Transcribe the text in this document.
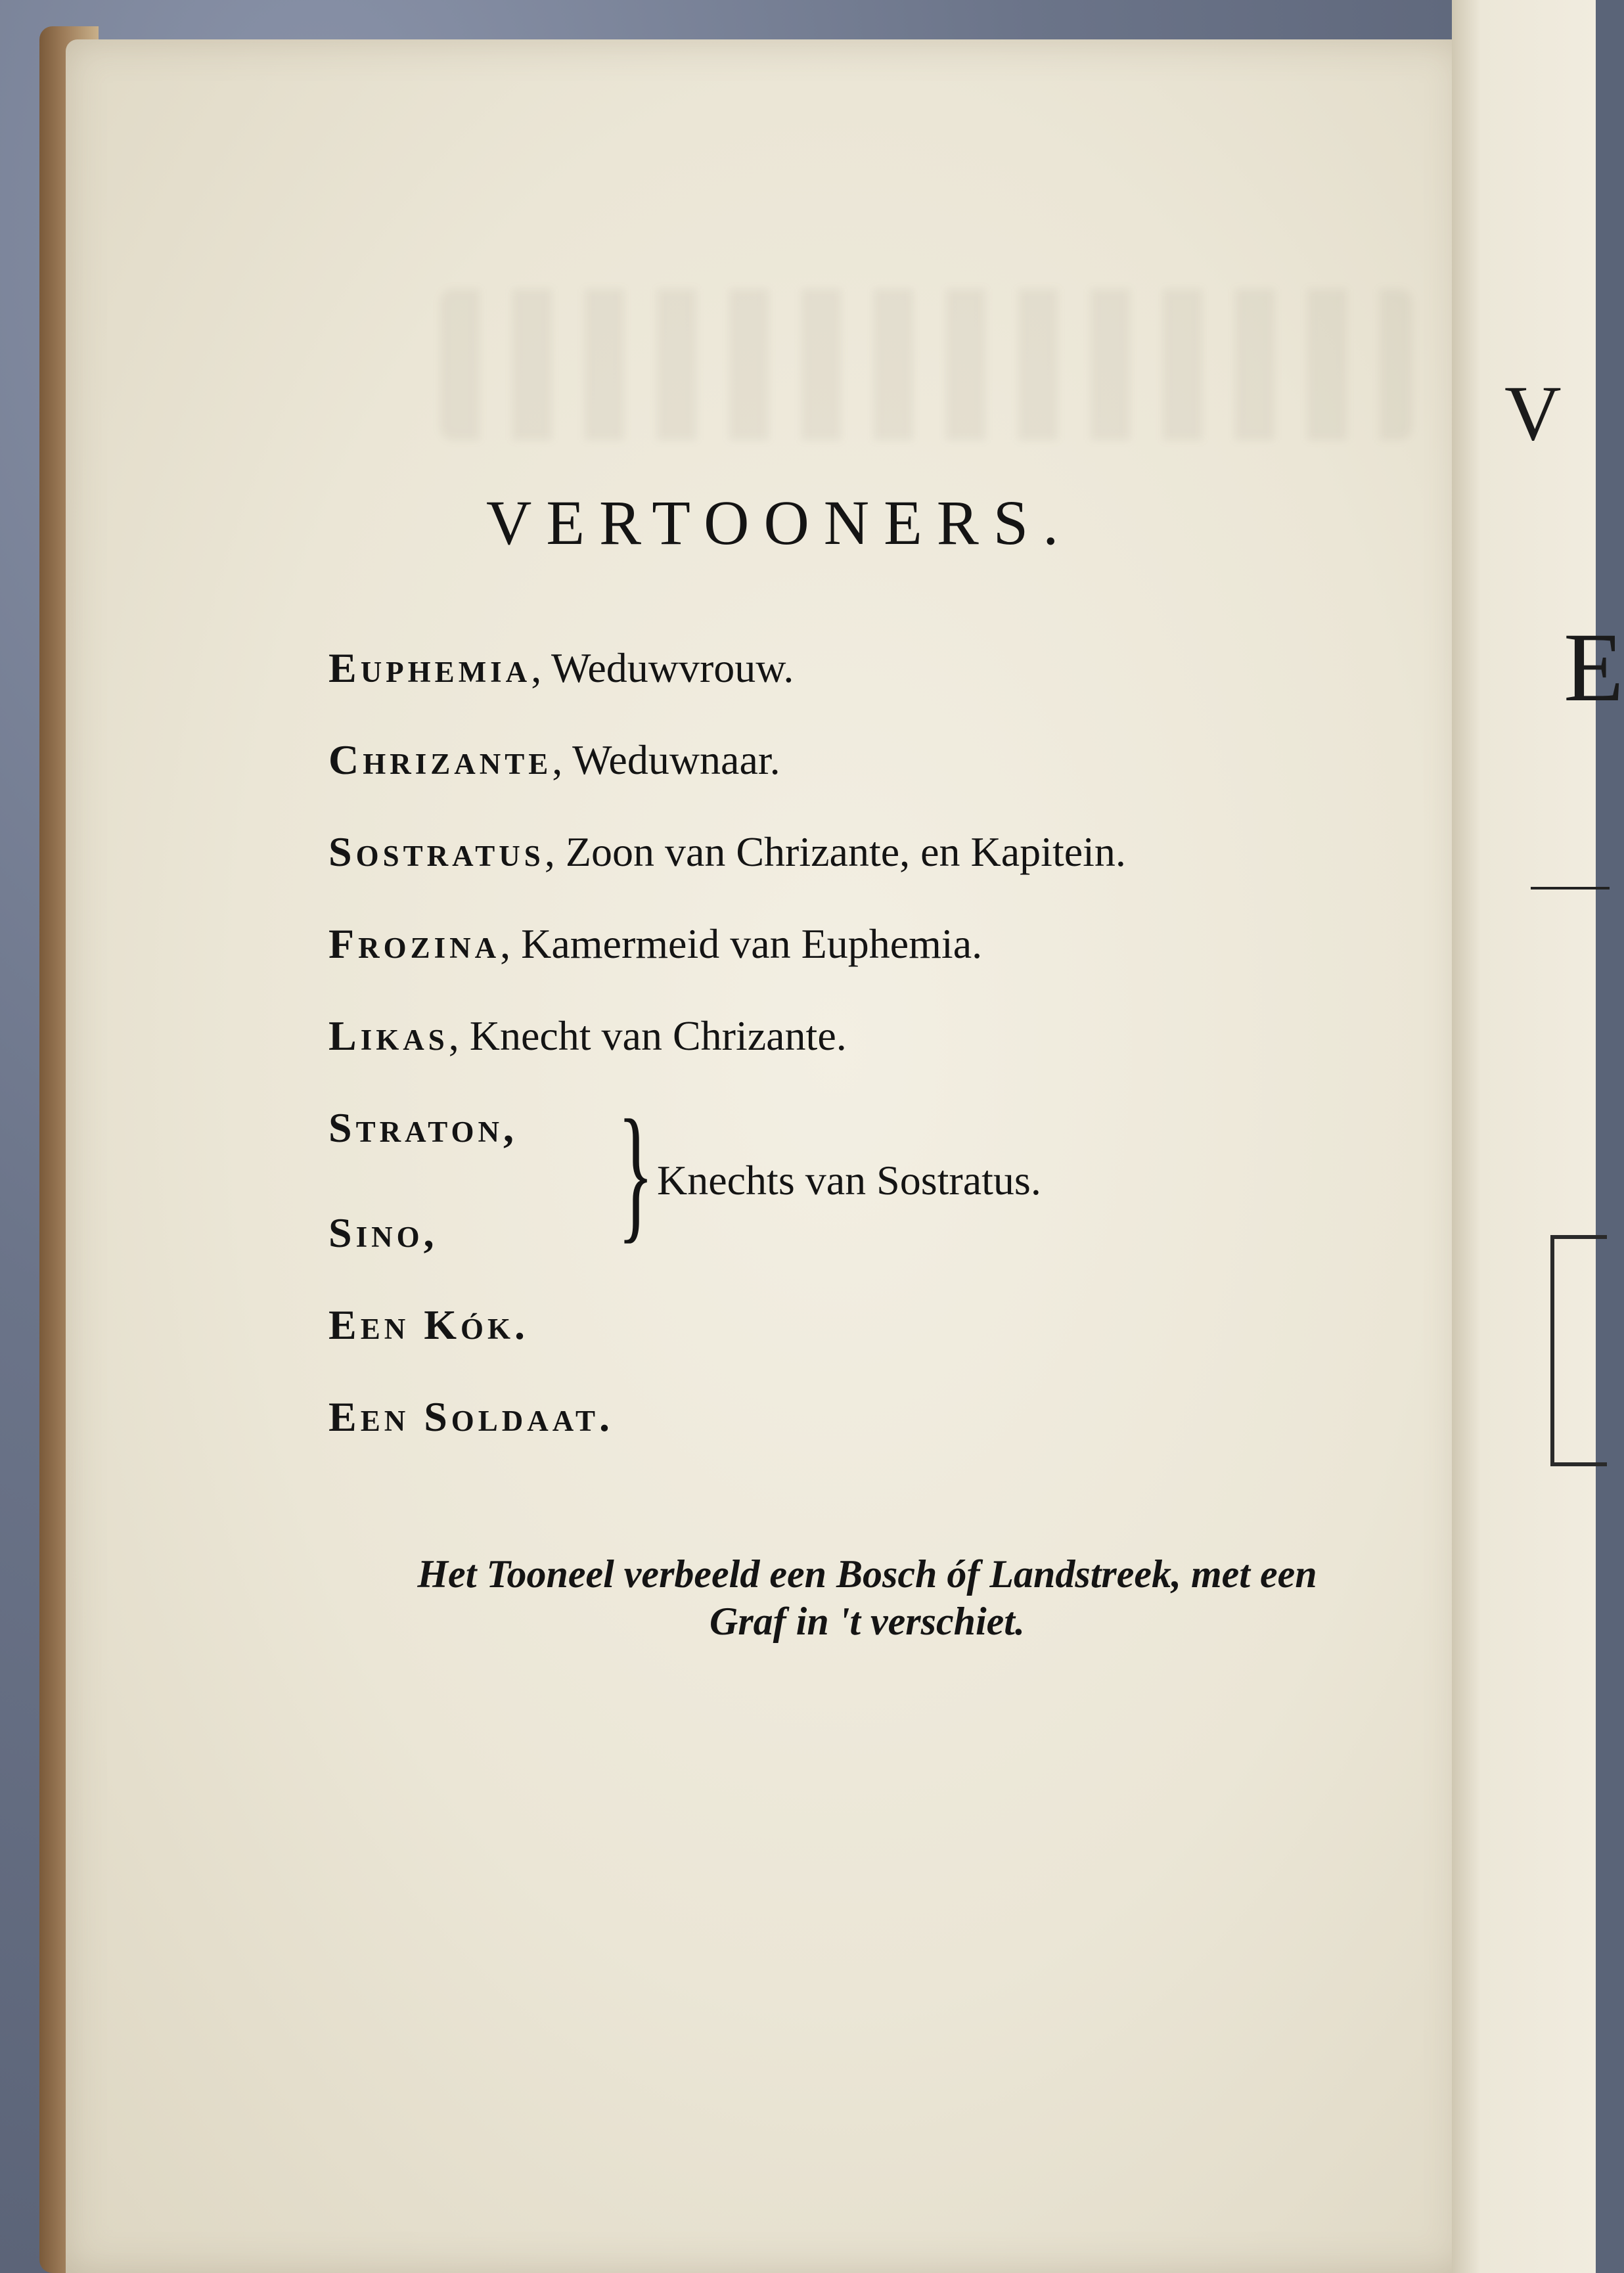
V
E
VERTOONERS.
Euphemia, Weduwvrouw.
Chrizante, Weduwnaar.
Sostratus, Zoon van Chrizante, en Kapitein.
Frozina, Kamermeid van Euphemia.
Likas, Knecht van Chrizante.
Straton,
Sino, } Knechts van Sostratus.
Een Kók.
Een Soldaat.
Het Tooneel verbeeld een Bosch óf Landstreek, met een Graf in 't verschiet.
